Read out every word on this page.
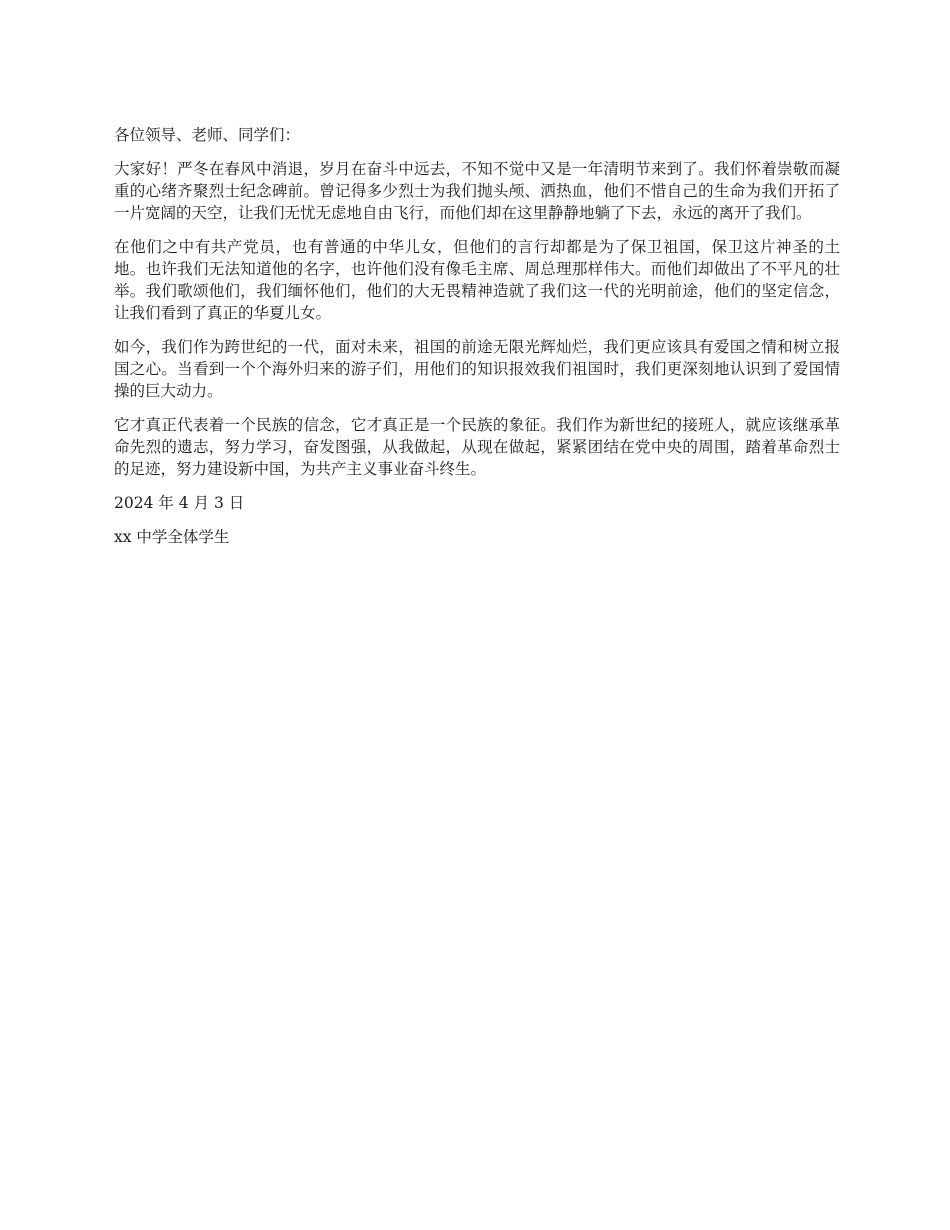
各位领导、老师、同学们：

大家好！严冬在春风中消退，岁月在奋斗中远去，不知不觉中又是一年清明节来到了。我们怀着崇敬而凝重的心绪齐聚烈士纪念碑前。曾记得多少烈士为我们抛头颅、洒热血，他们不惜自己的生命为我们开拓了一片宽阔的天空，让我们无忧无虑地自由飞行，而他们却在这里静静地躺了下去，永远的离开了我们。

在他们之中有共产党员，也有普通的中华儿女，但他们的言行却都是为了保卫祖国，保卫这片神圣的土地。也许我们无法知道他的名字，也许他们没有像毛主席、周总理那样伟大。而他们却做出了不平凡的壮举。我们歌颂他们，我们缅怀他们，他们的大无畏精神造就了我们这一代的光明前途，他们的坚定信念，让我们看到了真正的华夏儿女。

如今，我们作为跨世纪的一代，面对未来，祖国的前途无限光辉灿烂，我们更应该具有爱国之情和树立报国之心。当看到一个个海外归来的游子们，用他们的知识报效我们祖国时，我们更深刻地认识到了爱国情操的巨大动力。

它才真正代表着一个民族的信念，它才真正是一个民族的象征。我们作为新世纪的接班人，就应该继承革命先烈的遗志，努力学习，奋发图强，从我做起，从现在做起，紧紧团结在党中央的周围，踏着革命烈士的足迹，努力建设新中国，为共产主义事业奋斗终生。

2024 年 4 月 3 日

xx 中学全体学生
